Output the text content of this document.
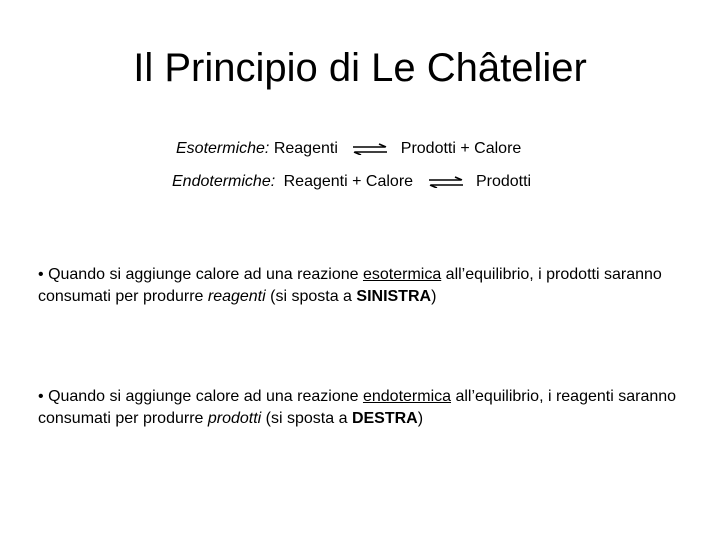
Il Principio di Le Châtelier
Esotermiche: Reagenti ⇌ Prodotti + Calore
Endotermiche: Reagenti + Calore ⇌ Prodotti
• Quando si aggiunge calore ad una reazione esotermica all’equilibrio, i prodotti saranno consumati per produrre reagenti (si sposta a SINISTRA)
• Quando si aggiunge calore ad una reazione endotermica all’equilibrio, i reagenti saranno consumati per produrre prodotti (si sposta a DESTRA)
